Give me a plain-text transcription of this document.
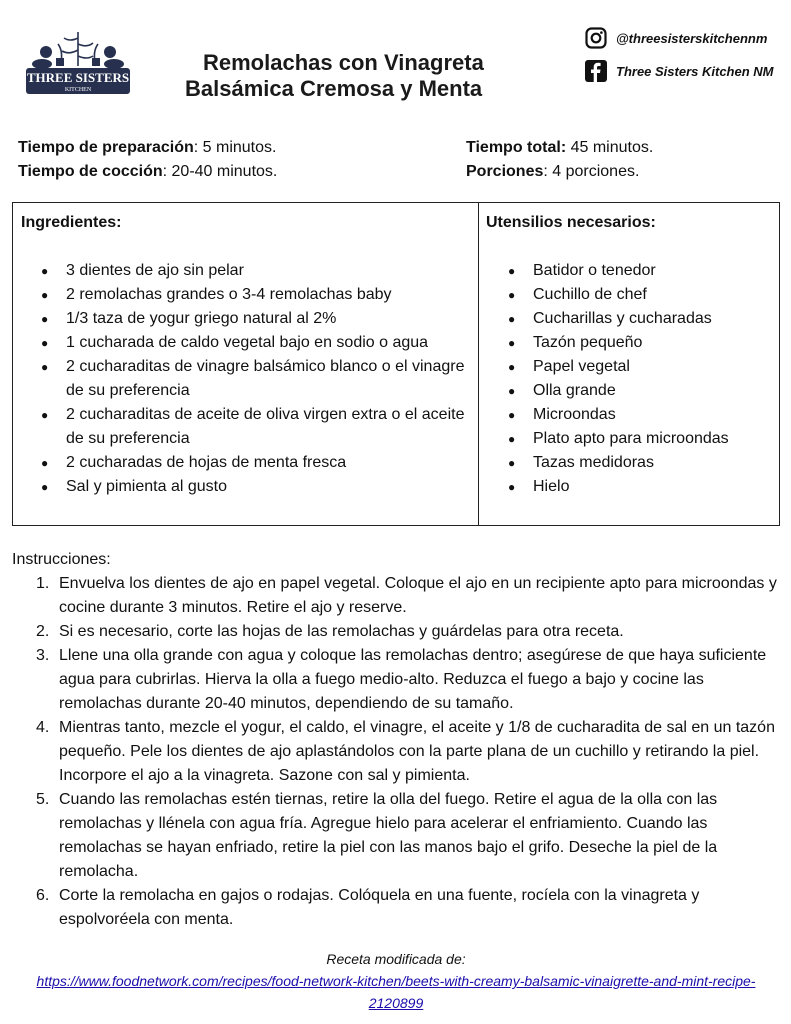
THREE SISTERS
KITCHEN
Remolachas con Vinagreta
Balsámica Cremosa y Menta
@threesisterskitchennm
Three Sisters Kitchen NM
Tiempo de preparación: 5 minutos.
Tiempo de cocción: 20-40 minutos.
Tiempo total: 45 minutos.
Porciones: 4 porciones.
Ingredientes:
● 3 dientes de ajo sin pelar
● 2 remolachas grandes o 3-4 remolachas baby
● 1/3 taza de yogur griego natural al 2%
● 1 cucharada de caldo vegetal bajo en sodio o agua
● 2 cucharaditas de vinagre balsámico blanco o el vinagre de su preferencia
● 2 cucharaditas de aceite de oliva virgen extra o el aceite de su preferencia
● 2 cucharadas de hojas de menta fresca
● Sal y pimienta al gusto
Utensilios necesarios:
● Batidor o tenedor
● Cuchillo de chef
● Cucharillas y cucharadas
● Tazón pequeño
● Papel vegetal
● Olla grande
● Microondas
● Plato apto para microondas
● Tazas medidoras
● Hielo
Instrucciones:
1. Envuelva los dientes de ajo en papel vegetal. Coloque el ajo en un recipiente apto para microondas y cocine durante 3 minutos. Retire el ajo y reserve.
2. Si es necesario, corte las hojas de las remolachas y guárdelas para otra receta.
3. Llene una olla grande con agua y coloque las remolachas dentro; asegúrese de que haya suficiente agua para cubrirlas. Hierva la olla a fuego medio-alto. Reduzca el fuego a bajo y cocine las remolachas durante 20-40 minutos, dependiendo de su tamaño.
4. Mientras tanto, mezcle el yogur, el caldo, el vinagre, el aceite y 1/8 de cucharadita de sal en un tazón pequeño. Pele los dientes de ajo aplastándolos con la parte plana de un cuchillo y retirando la piel. Incorpore el ajo a la vinagreta. Sazone con sal y pimienta.
5. Cuando las remolachas estén tiernas, retire la olla del fuego. Retire el agua de la olla con las remolachas y llénela con agua fría. Agregue hielo para acelerar el enfriamiento. Cuando las remolachas se hayan enfriado, retire la piel con las manos bajo el grifo. Deseche la piel de la remolacha.
6. Corte la remolacha en gajos o rodajas. Colóquela en una fuente, rocíela con la vinagreta y espolvoréela con menta.
Receta modificada de:
https://www.foodnetwork.com/recipes/food-network-kitchen/beets-with-creamy-balsamic-vinaigrette-and-mint-recipe-2120899
